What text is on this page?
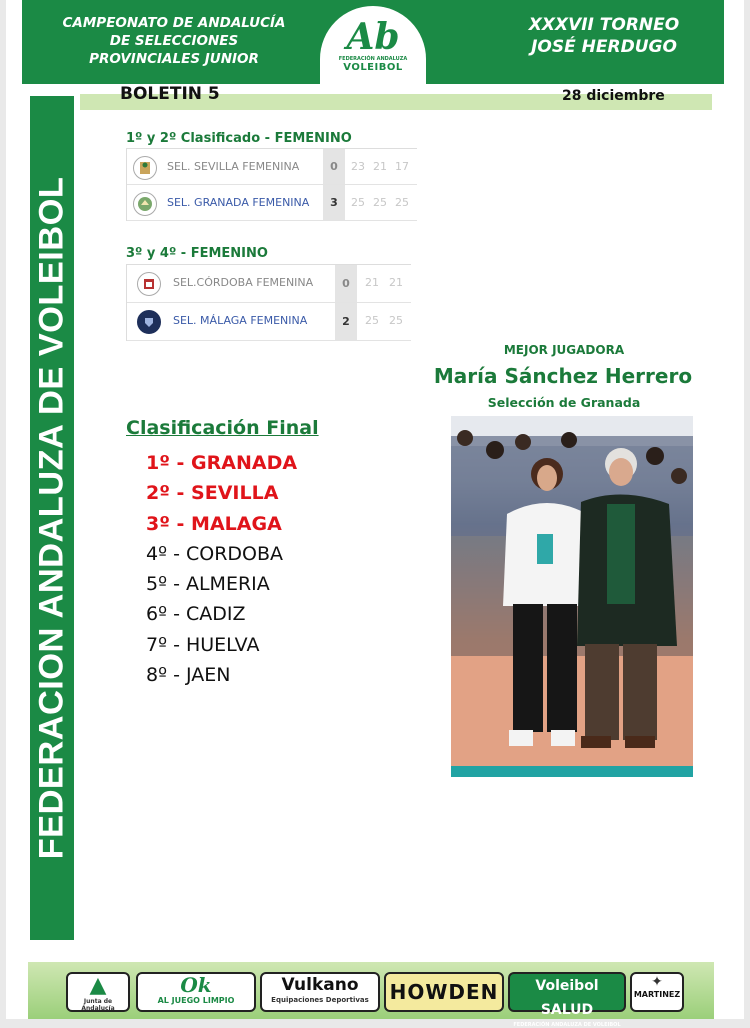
CAMPEONATO DE ANDALUCÍA
DE SELECCIONES
PROVINCIALES JUNIOR
Ab
FEDERACIÓN ANDALUZA
VOLEIBOL
XXXVII TORNEO
JOSÉ HERDUGO
BOLETIN 5	28 diciembre
FEDERACION ANDALUZA DE VOLEIBOL
1º y 2º Clasificado - FEMENINO
SEL. SEVILLA FEMENINA	0	23 21 17
SEL. GRANADA FEMENINA	3	25 25 25
3º y 4º - FEMENINO
SEL.CÓRDOBA FEMENINA	0	21 21
SEL. MÁLAGA FEMENINA	2	25 25
Clasificación Final
1º - GRANADA
2º - SEVILLA
3º - MALAGA
4º - CORDOBA
5º - ALMERIA
6º - CADIZ
7º - HUELVA
8º - JAEN
MEJOR JUGADORA
María Sánchez Herrero
Selección de Granada
▲
Junta de Andalucía
Ok
AL JUEGO LIMPIO
Vulkano
Equipaciones Deportivas	HOWDEN	Voleibol SALUD
FEDERACIÓN ANDALUZA DE VOLEIBOL
✦
MARTINEZ
